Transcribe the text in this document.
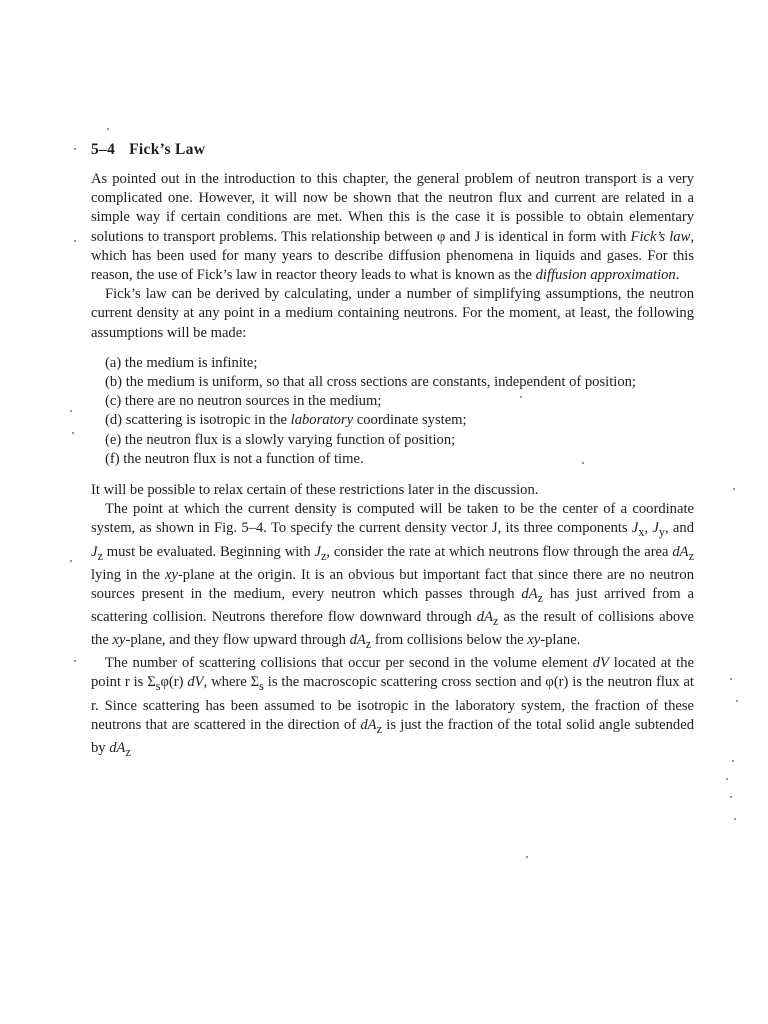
5–4 Fick’s Law

As pointed out in the introduction to this chapter, the general problem of neutron transport is a very complicated one. However, it will now be shown that the neutron flux and current are related in a simple way if certain conditions are met. When this is the case it is possible to obtain elementary solutions to transport problems. This relationship between φ and J is identical in form with Fick’s law, which has been used for many years to describe diffusion phenomena in liquids and gases. For this reason, the use of Fick’s law in reactor theory leads to what is known as the diffusion approximation.

Fick’s law can be derived by calculating, under a number of simplifying assumptions, the neutron current density at any point in a medium containing neutrons. For the moment, at least, the following assumptions will be made:

(a) the medium is infinite;
(b) the medium is uniform, so that all cross sections are constants, independent of position;
(c) there are no neutron sources in the medium;
(d) scattering is isotropic in the laboratory coordinate system;
(e) the neutron flux is a slowly varying function of position;
(f) the neutron flux is not a function of time.

It will be possible to relax certain of these restrictions later in the discussion.

The point at which the current density is computed will be taken to be the center of a coordinate system, as shown in Fig. 5–4. To specify the current density vector J, its three components $J_x$, $J_y$, and $J_z$ must be evaluated. Beginning with $J_z$, consider the rate at which neutrons flow through the area $dA_z$ lying in the xy-plane at the origin. It is an obvious but important fact that since there are no neutron sources present in the medium, every neutron which passes through $dA_z$ has just arrived from a scattering collision. Neutrons therefore flow downward through $dA_z$ as the result of collisions above the xy-plane, and they flow upward through $dA_z$ from collisions below the xy-plane.

The number of scattering collisions that occur per second in the volume element dV located at the point r is $\Sigma_s\varphi(r)$ dV, where $\Sigma_s$ is the macroscopic scattering cross section and φ(r) is the neutron flux at r. Since scattering has been assumed to be isotropic in the laboratory system, the fraction of these neutrons that are scattered in the direction of $dA_z$ is just the fraction of the total solid angle subtended by $dA_z$
